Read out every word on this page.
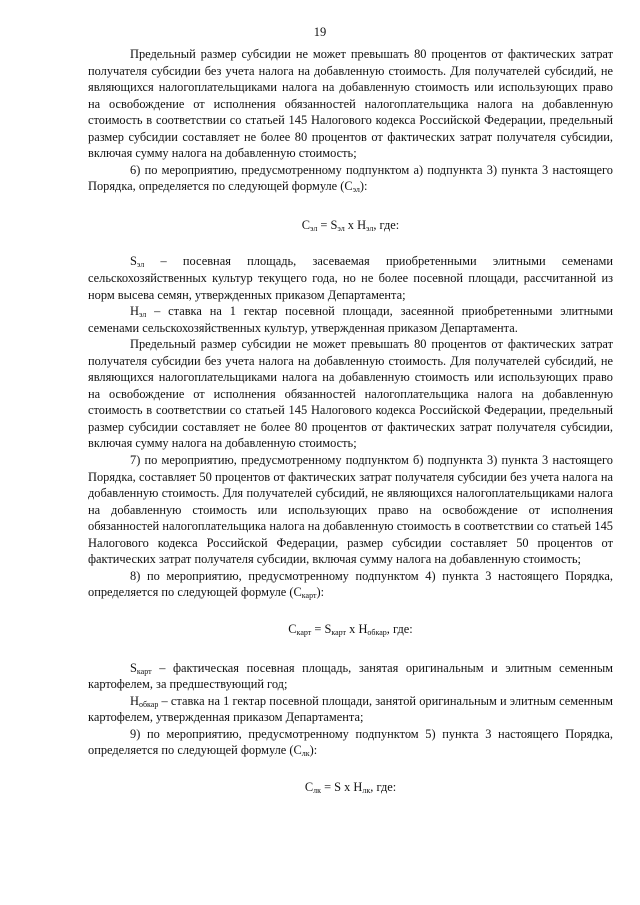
19

Предельный размер субсидии не может превышать 80 процентов от фактических затрат получателя субсидии без учета налога на добавленную стоимость. Для получателей субсидий, не являющихся налогоплательщиками налога на добавленную стоимость или использующих право на освобождение от исполнения обязанностей налогоплательщика налога на добавленную стоимость в соответствии со статьей 145 Налогового кодекса Российской Федерации, предельный размер субсидии составляет не более 80 процентов от фактических затрат получателя субсидии, включая сумму налога на добавленную стоимость;

6) по мероприятию, предусмотренному подпунктом а) подпункта 3) пункта 3 настоящего Порядка, определяется по следующей формуле $(С_{эл})$:

$С_{эл} = S_{эл}$ x $Н_{эл}$, где:

$S_{эл}$ – посевная площадь, засеваемая приобретенными элитными семенами сельскохозяйственных культур текущего года, но не более посевной площади, рассчитанной из норм высева семян, утвержденных приказом Департамента;

$Н_{эл}$ – ставка на 1 гектар посевной площади, засеянной приобретенными элитными семенами сельскохозяйственных культур, утвержденная приказом Департамента.

Предельный размер субсидии не может превышать 80 процентов от фактических затрат получателя субсидии без учета налога на добавленную стоимость. Для получателей субсидий, не являющихся налогоплательщиками налога на добавленную стоимость или использующих право на освобождение от исполнения обязанностей налогоплательщика налога на добавленную стоимость в соответствии со статьей 145 Налогового кодекса Российской Федерации, предельный размер субсидии составляет не более 80 процентов от фактических затрат получателя субсидии, включая сумму налога на добавленную стоимость;

7) по мероприятию, предусмотренному подпунктом б) подпункта 3) пункта 3 настоящего Порядка, составляет 50 процентов от фактических затрат получателя субсидии без учета налога на добавленную стоимость. Для получателей субсидий, не являющихся налогоплательщиками налога на добавленную стоимость или использующих право на освобождение от исполнения обязанностей налогоплательщика налога на добавленную стоимость в соответствии со статьей 145 Налогового кодекса Российской Федерации, размер субсидии составляет 50 процентов от фактических затрат получателя субсидии, включая сумму налога на добавленную стоимость;

8) по мероприятию, предусмотренному подпунктом 4) пункта 3 настоящего Порядка, определяется по следующей формуле $(С_{карт})$:

$С_{карт} = S_{карт}$ x $Н_{обкар}$, где:

$S_{карт}$ – фактическая посевная площадь, занятая оригинальным и элитным семенным картофелем, за предшествующий год;

$Н_{обкар}$ – ставка на 1 гектар посевной площади, занятой оригинальным и элитным семенным картофелем, утвержденная приказом Департамента;

9) по мероприятию, предусмотренному подпунктом 5) пункта 3 настоящего Порядка, определяется по следующей формуле $(С_{лк})$:

$С_{лк} = S$ x $Н_{лк}$, где:
